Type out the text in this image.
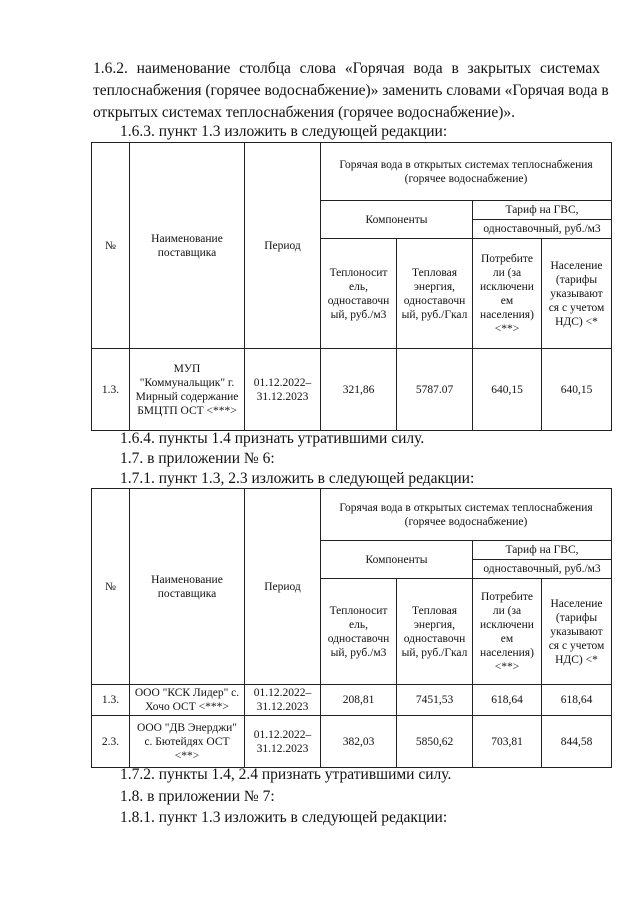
1.6.2. наименование столбца слова «Горячая вода в закрытых системах
теплоснабжения (горячее водоснабжение)» заменить словами «Горячая вода в
открытых системах теплоснабжения (горячее водоснабжение)».
1.6.3. пункт 1.3 изложить в следующей редакции:
№	Наименование поставщика	Период	Горячая вода в открытых системах теплоснабжения (горячее водоснабжение)			
			Компоненты		Тариф на ГВС,
одноставочный, руб./м3	

			Теплоносит ель, одноставочн ый, руб./м3	Тепловая энергия, одноставочн ый, руб./Гкал	Потребите ли (за исключени ем населения) <**>	Население (тарифы указывают ся с учетом НДС) <*
1.3.	МУП "Коммунальщик" г. Мирный содержание БМЦТП ОСТ <***>	01.12.2022–31.12.2023	321,86	5787.07	640,15	640,15
1.6.4. пункты 1.4 признать утратившими силу.
1.7. в приложении № 6:
1.7.1. пункт 1.3, 2.3 изложить в следующей редакции:
№	Наименование поставщика	Период	Горячая вода в открытых системах теплоснабжения (горячее водоснабжение)			
			Компоненты		Тариф на ГВС,
одноставочный, руб./м3	

			Теплоносит ель, одноставочн ый, руб./м3	Тепловая энергия, одноставочн ый, руб./Гкал	Потребите ли (за исключени ем населения) <**>	Население (тарифы указывают ся с учетом НДС) <*
1.3.	ООО "КСК Лидер" с. Хочо ОСТ <***>	01.12.2022–31.12.2023	208,81	7451,53	618,64	618,64
2.3.	ООО "ДВ Энерджи" с. Бютейдях ОСТ <**>	01.12.2022–31.12.2023	382,03	5850,62	703,81	844,58
1.7.2. пункты 1.4, 2.4 признать утратившими силу.
1.8. в приложении № 7:
1.8.1. пункт 1.3 изложить в следующей редакции:
